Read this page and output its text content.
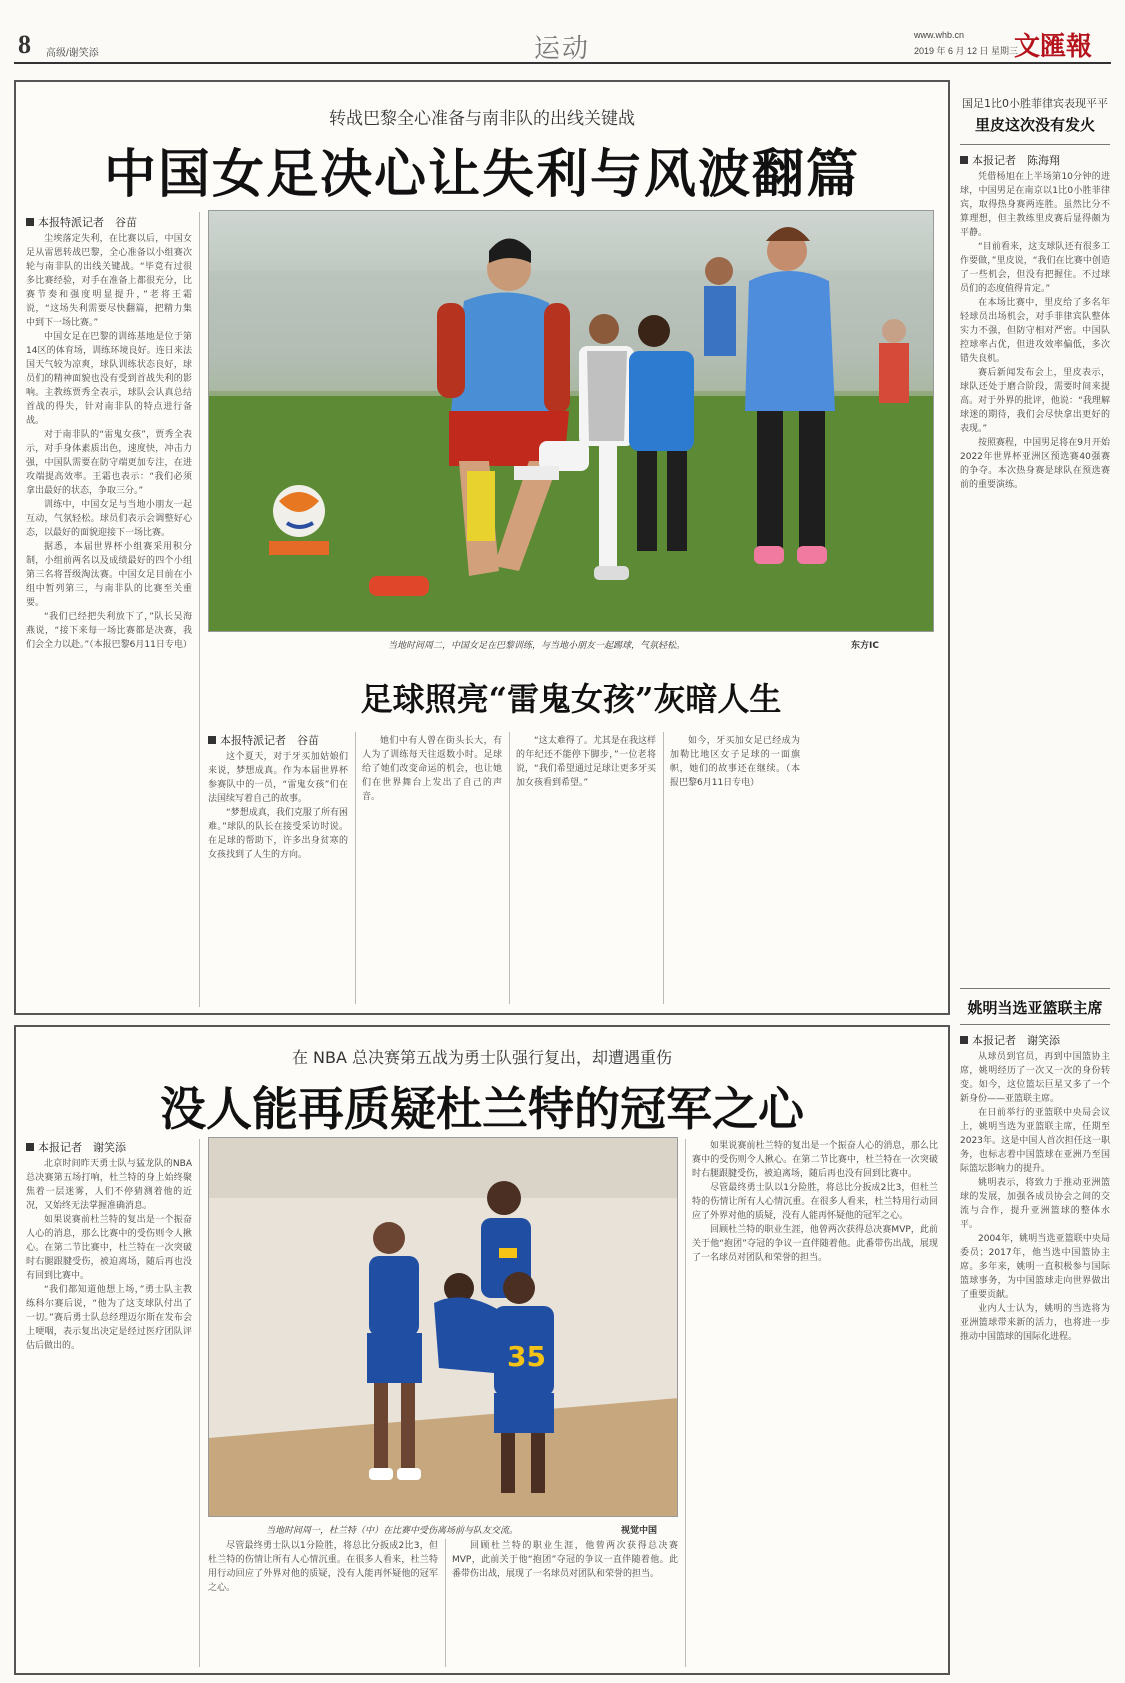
8 高级/谢笑添	运动	www.whb.cn
2019 年 6 月 12 日 星期三
文匯報
转战巴黎全心准备与南非队的出线关键战
中国女足决心让失利与风波翻篇
本报特派记者　谷苗

尘埃落定失利，在比赛以后，中国女足从雷恩转战巴黎，全心准备以小组赛次轮与南非队的出线关键战。“毕竟有过很多比赛经验，对手在准备上都很充分，比赛节奏和强度明显提升，”老将王霜说，“这场失利需要尽快翻篇，把精力集中到下一场比赛。”

中国女足在巴黎的训练基地是位于第14区的体育场，训练环境良好。连日来法国天气较为凉爽，球队训练状态良好，球员们的精神面貌也没有受到首战失利的影响。主教练贾秀全表示，球队会认真总结首战的得失，针对南非队的特点进行备战。

对于南非队的“雷鬼女孩”，贾秀全表示，对手身体素质出色，速度快，冲击力强，中国队需要在防守端更加专注，在进攻端提高效率。王霜也表示：“我们必须拿出最好的状态，争取三分。”

训练中，中国女足与当地小朋友一起互动，气氛轻松。球员们表示会调整好心态，以最好的面貌迎接下一场比赛。

据悉，本届世界杯小组赛采用积分制，小组前两名以及成绩最好的四个小组第三名将晋级淘汰赛。中国女足目前在小组中暂列第三，与南非队的比赛至关重要。

“我们已经把失利放下了，”队长吴海燕说，“接下来每一场比赛都是决赛，我们会全力以赴。”（本报巴黎6月11日专电）	当地时间周二，中国女足在巴黎训练，与当地小朋友一起踢球，气氛轻松。	东方IC
足球照亮“雷鬼女孩”灰暗人生
本报特派记者　谷苗

这个夏天，对于牙买加姑娘们来说，梦想成真。作为本届世界杯参赛队中的一员，“雷鬼女孩”们在法国续写着自己的故事。

“梦想成真，我们克服了所有困难。”球队的队长在接受采访时说。在足球的帮助下，许多出身贫寒的女孩找到了人生的方向。

她们中有人曾在街头长大，有人为了训练每天往返数小时。足球给了她们改变命运的机会，也让她们在世界舞台上发出了自己的声音。

“这太难得了。尤其是在我这样的年纪还不能停下脚步，”一位老将说，“我们希望通过足球让更多牙买加女孩看到希望。”

如今，牙买加女足已经成为加勒比地区女子足球的一面旗帜，她们的故事还在继续。（本报巴黎6月11日专电）

国足1比0小胜菲律宾表现平平
里皮这次没有发火
本报记者　陈海翔

凭借杨旭在上半场第10分钟的进球，中国男足在南京以1比0小胜菲律宾，取得热身赛两连胜。虽然比分不算理想，但主教练里皮赛后显得颇为平静。

“目前看来，这支球队还有很多工作要做，”里皮说，“我们在比赛中创造了一些机会，但没有把握住。不过球员们的态度值得肯定。”

在本场比赛中，里皮给了多名年轻球员出场机会，对手菲律宾队整体实力不强，但防守相对严密。中国队控球率占优，但进攻效率偏低，多次错失良机。

赛后新闻发布会上，里皮表示，球队还处于磨合阶段，需要时间来提高。对于外界的批评，他说：“我理解球迷的期待，我们会尽快拿出更好的表现。”

按照赛程，中国男足将在9月开始2022年世界杯亚洲区预选赛40强赛的争夺。本次热身赛是球队在预选赛前的重要演练。

姚明当选亚篮联主席
本报记者　谢笑添

从球员到官员，再到中国篮协主席，姚明经历了一次又一次的身份转变。如今，这位篮坛巨星又多了一个新身份——亚篮联主席。

在日前举行的亚篮联中央局会议上，姚明当选为亚篮联主席，任期至2023年。这是中国人首次担任这一职务，也标志着中国篮球在亚洲乃至国际篮坛影响力的提升。

姚明表示，将致力于推动亚洲篮球的发展，加强各成员协会之间的交流与合作，提升亚洲篮球的整体水平。

2004年，姚明当选亚篮联中央局委员；2017年，他当选中国篮协主席。多年来，姚明一直积极参与国际篮球事务，为中国篮球走向世界做出了重要贡献。

业内人士认为，姚明的当选将为亚洲篮球带来新的活力，也将进一步推动中国篮球的国际化进程。

在 NBA 总决赛第五战为勇士队强行复出，却遭遇重伤
没人能再质疑杜兰特的冠军之心
本报记者　谢笑添

北京时间昨天勇士队与猛龙队的NBA总决赛第五场打响，杜兰特的身上始终聚焦着一层迷雾，人们不停猜测着他的近况，又始终无法掌握准确消息。

如果说赛前杜兰特的复出是一个振奋人心的消息，那么比赛中的受伤则令人揪心。在第二节比赛中，杜兰特在一次突破时右腿跟腱受伤，被迫离场，随后再也没有回到比赛中。

“我们都知道他想上场，”勇士队主教练科尔赛后说，“他为了这支球队付出了一切。”赛后勇士队总经理迈尔斯在发布会上哽咽，表示复出决定是经过医疗团队评估后做出的。	35
当地时间周一，杜兰特（中）在比赛中受伤离场前与队友交流。	视觉中国

尽管最终勇士队以1分险胜，将总比分扳成2比3，但杜兰特的伤情让所有人心情沉重。在很多人看来，杜兰特用行动回应了外界对他的质疑，没有人能再怀疑他的冠军之心。

回顾杜兰特的职业生涯，他曾两次获得总决赛MVP，此前关于他“抱团”夺冠的争议一直伴随着他。此番带伤出战，展现了一名球员对团队和荣誉的担当。

如果说赛前杜兰特的复出是一个振奋人心的消息，那么比赛中的受伤则令人揪心。在第二节比赛中，杜兰特在一次突破时右腿跟腱受伤，被迫离场，随后再也没有回到比赛中。

尽管最终勇士队以1分险胜，将总比分扳成2比3，但杜兰特的伤情让所有人心情沉重。在很多人看来，杜兰特用行动回应了外界对他的质疑，没有人能再怀疑他的冠军之心。

回顾杜兰特的职业生涯，他曾两次获得总决赛MVP，此前关于他“抱团”夺冠的争议一直伴随着他。此番带伤出战，展现了一名球员对团队和荣誉的担当。
